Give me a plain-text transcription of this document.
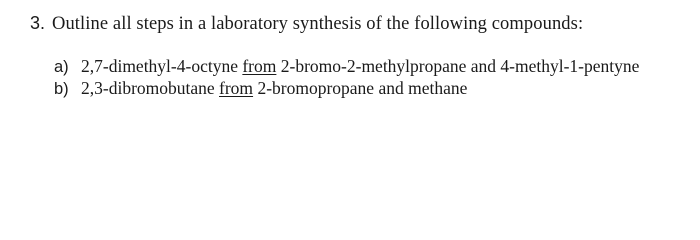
3. Outline all steps in a laboratory synthesis of the following compounds:
a) 2,7-dimethyl-4-octyne from 2-bromo-2-methylpropane and 4-methyl-1-pentyne
b) 2,3-dibromobutane from 2-bromopropane and methane
